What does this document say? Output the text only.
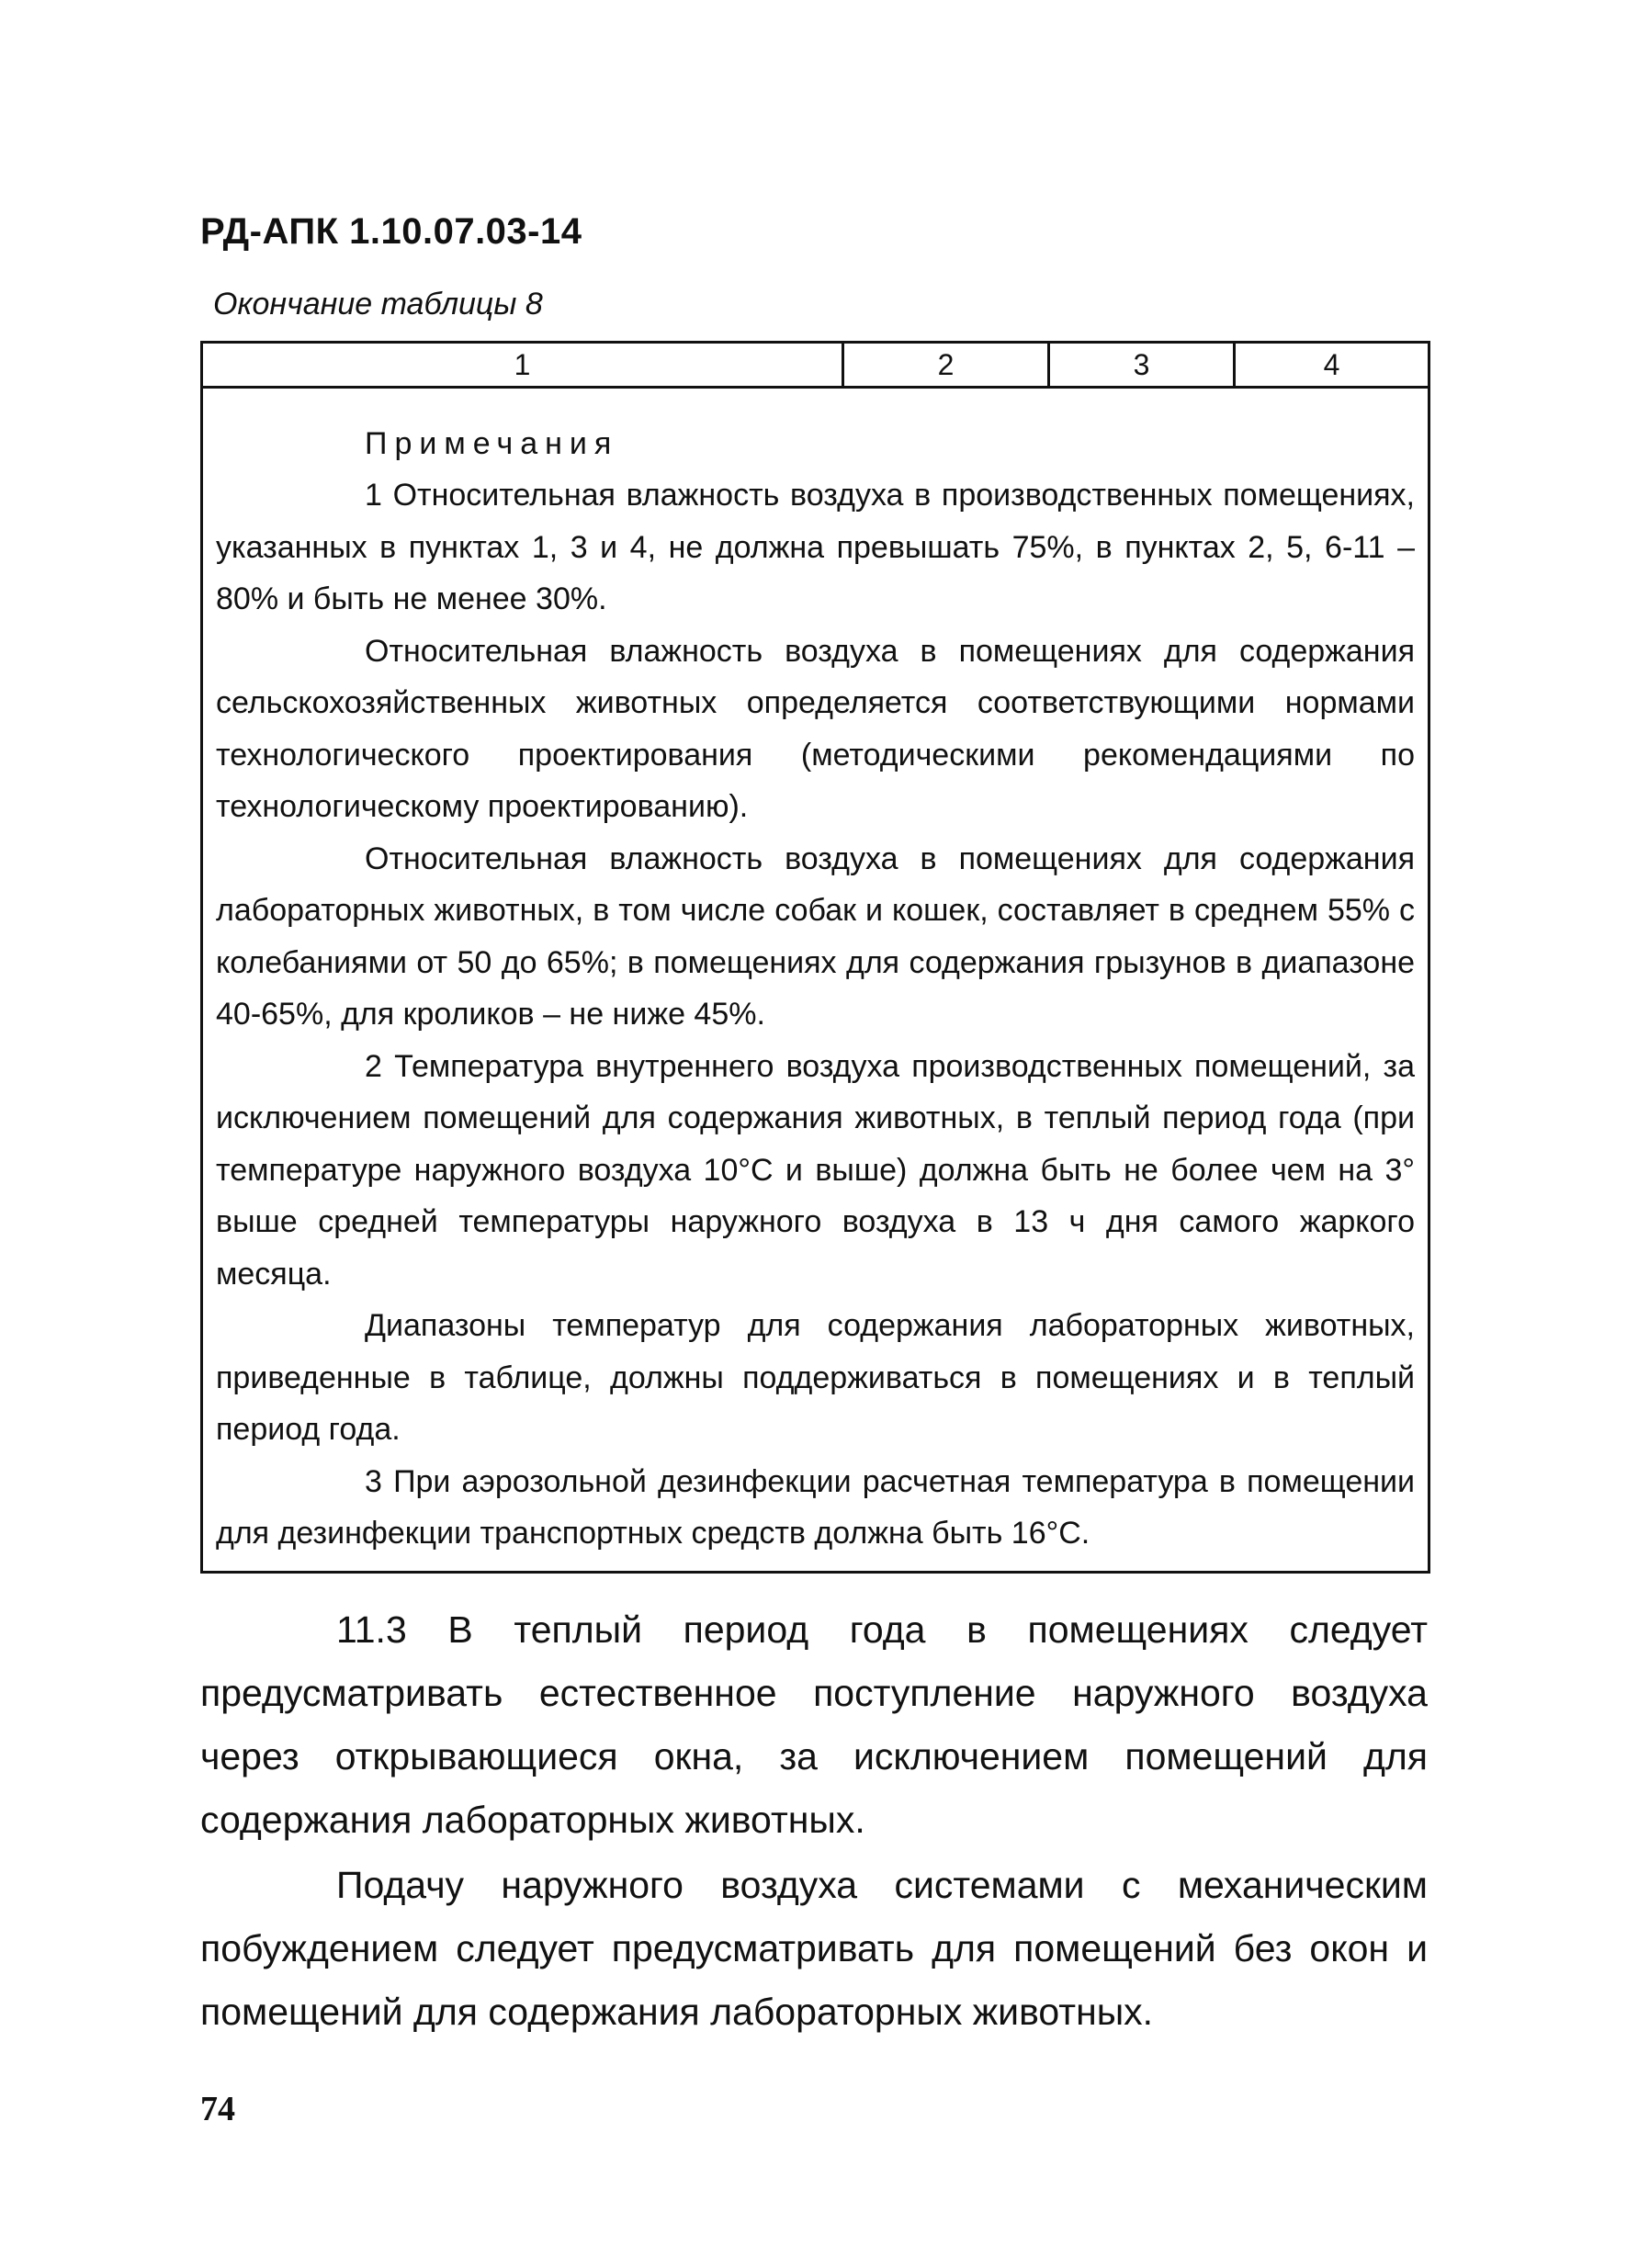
РД-АПК 1.10.07.03-14
Окончание таблицы 8
1	2	3	4

Примечания

1 Относительная влажность воздуха в производственных помещениях, указанных в пунктах 1, 3 и 4, не должна превышать 75%, в пунктах 2, 5, 6-11 – 80% и быть не менее 30%.

Относительная влажность воздуха в помещениях для содержания сельскохозяйственных животных определяется соответствующими нормами технологического проектирования (методическими рекомендациями по технологическому проектированию).

Относительная влажность воздуха в помещениях для содержания лабораторных животных, в том числе собак и кошек, составляет в среднем 55% с колебаниями от 50 до 65%; в помещениях для содержания грызунов в диапазоне 40-65%, для кроликов – не ниже 45%.

2 Температура внутреннего воздуха производственных помещений, за исключением помещений для содержания животных, в теплый период года (при температуре наружного воздуха 10°С и выше) должна быть не более чем на 3° выше средней температуры наружного воздуха в 13 ч дня самого жаркого месяца.

Диапазоны температур для содержания лабораторных животных, приведенные в таблице, должны поддерживаться в помещениях и в теплый период года.

3 При аэрозольной дезинфекции расчетная температура в помещении для дезинфекции транспортных средств должна быть 16°С.

11.3 В теплый период года в помещениях следует предусматривать естественное поступление наружного воздуха через открывающиеся окна, за исключением помещений для содержания лабораторных животных.

Подачу наружного воздуха системами с механическим побуждением следует предусматривать для помещений без окон и помещений для содержания лабораторных животных.

74
